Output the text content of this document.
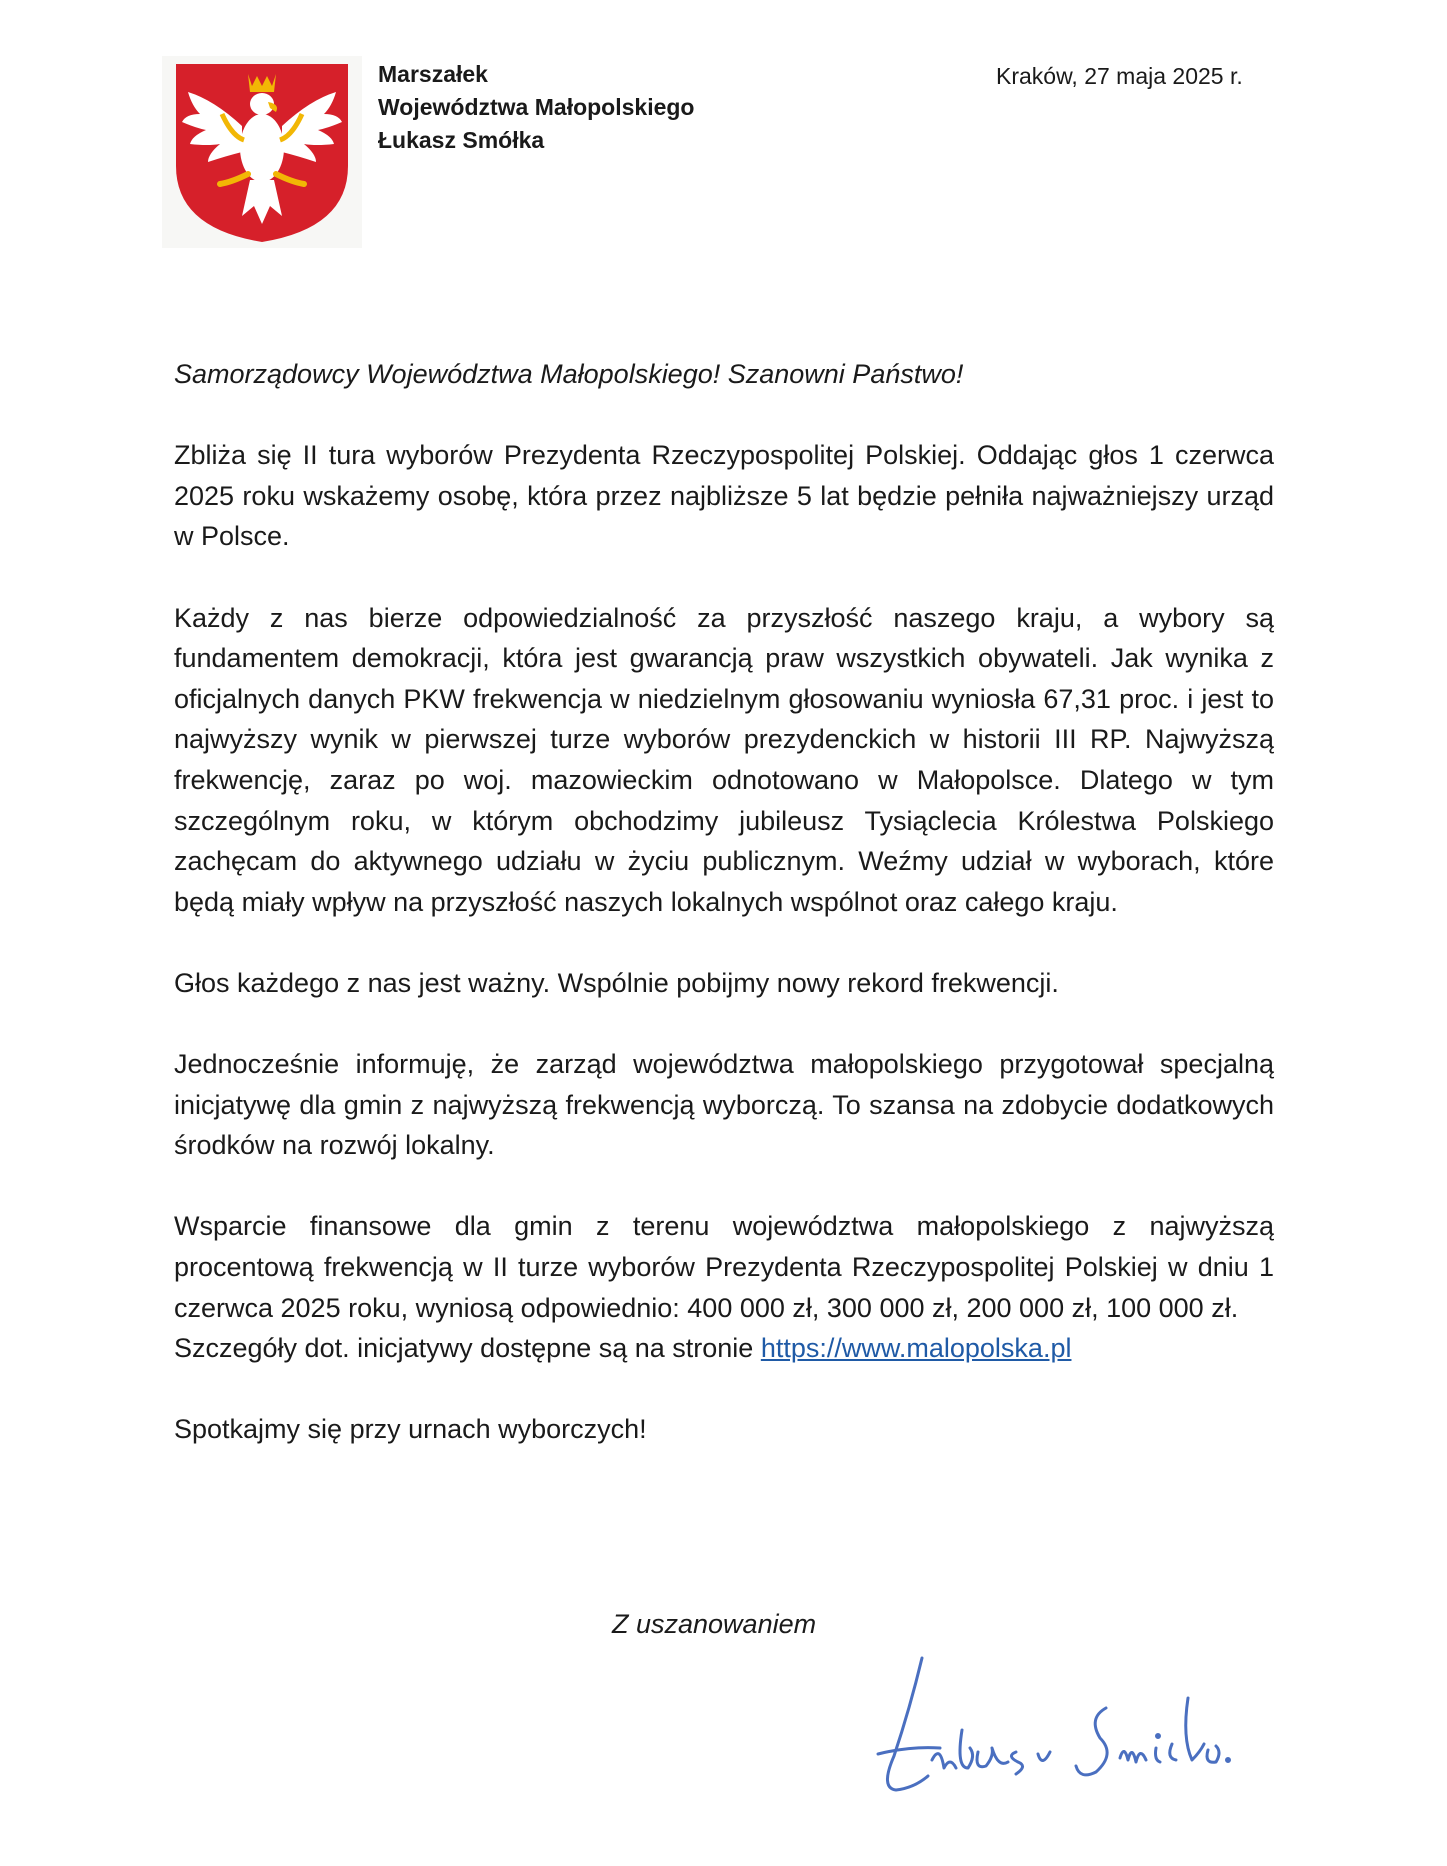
Marszałek
Województwa Małopolskiego
Łukasz Smółka
Kraków, 27 maja 2025 r.

Samorządowcy Województwa Małopolskiego! Szanowni Państwo!

Zbliża się II tura wyborów Prezydenta Rzeczypospolitej Polskiej. Oddając głos 1 czerwca 2025 roku wskażemy osobę, która przez najbliższe 5 lat będzie pełniła najważniejszy urząd w Polsce.

Każdy z nas bierze odpowiedzialność za przyszłość naszego kraju, a wybory są fundamentem demokracji, która jest gwarancją praw wszystkich obywateli. Jak wynika z oficjalnych danych PKW frekwencja w niedzielnym głosowaniu wyniosła 67,31 proc. i jest to najwyższy wynik w pierwszej turze wyborów prezydenckich w historii III RP. Najwyższą frekwencję, zaraz po woj. mazowieckim odnotowano w Małopolsce. Dlatego w tym szczególnym roku, w którym obchodzimy jubileusz Tysiąclecia Królestwa Polskiego zachęcam do aktywnego udziału w życiu publicznym. Weźmy udział w wyborach, które będą miały wpływ na przyszłość naszych lokalnych wspólnot oraz całego kraju.

Głos każdego z nas jest ważny. Wspólnie pobijmy nowy rekord frekwencji.

Jednocześnie informuję, że zarząd województwa małopolskiego przygotował specjalną inicjatywę dla gmin z najwyższą frekwencją wyborczą. To szansa na zdobycie dodatkowych środków na rozwój lokalny.

Wsparcie finansowe dla gmin z terenu województwa małopolskiego z najwyższą procentową frekwencją w II turze wyborów Prezydenta Rzeczypospolitej Polskiej w dniu 1 czerwca 2025 roku, wyniosą odpowiednio: 400 000 zł, 300 000 zł, 200 000 zł, 100 000 zł.

Szczegóły dot. inicjatywy dostępne są na stronie https://www.malopolska.pl

Spotkajmy się przy urnach wyborczych!

Z uszanowaniem
